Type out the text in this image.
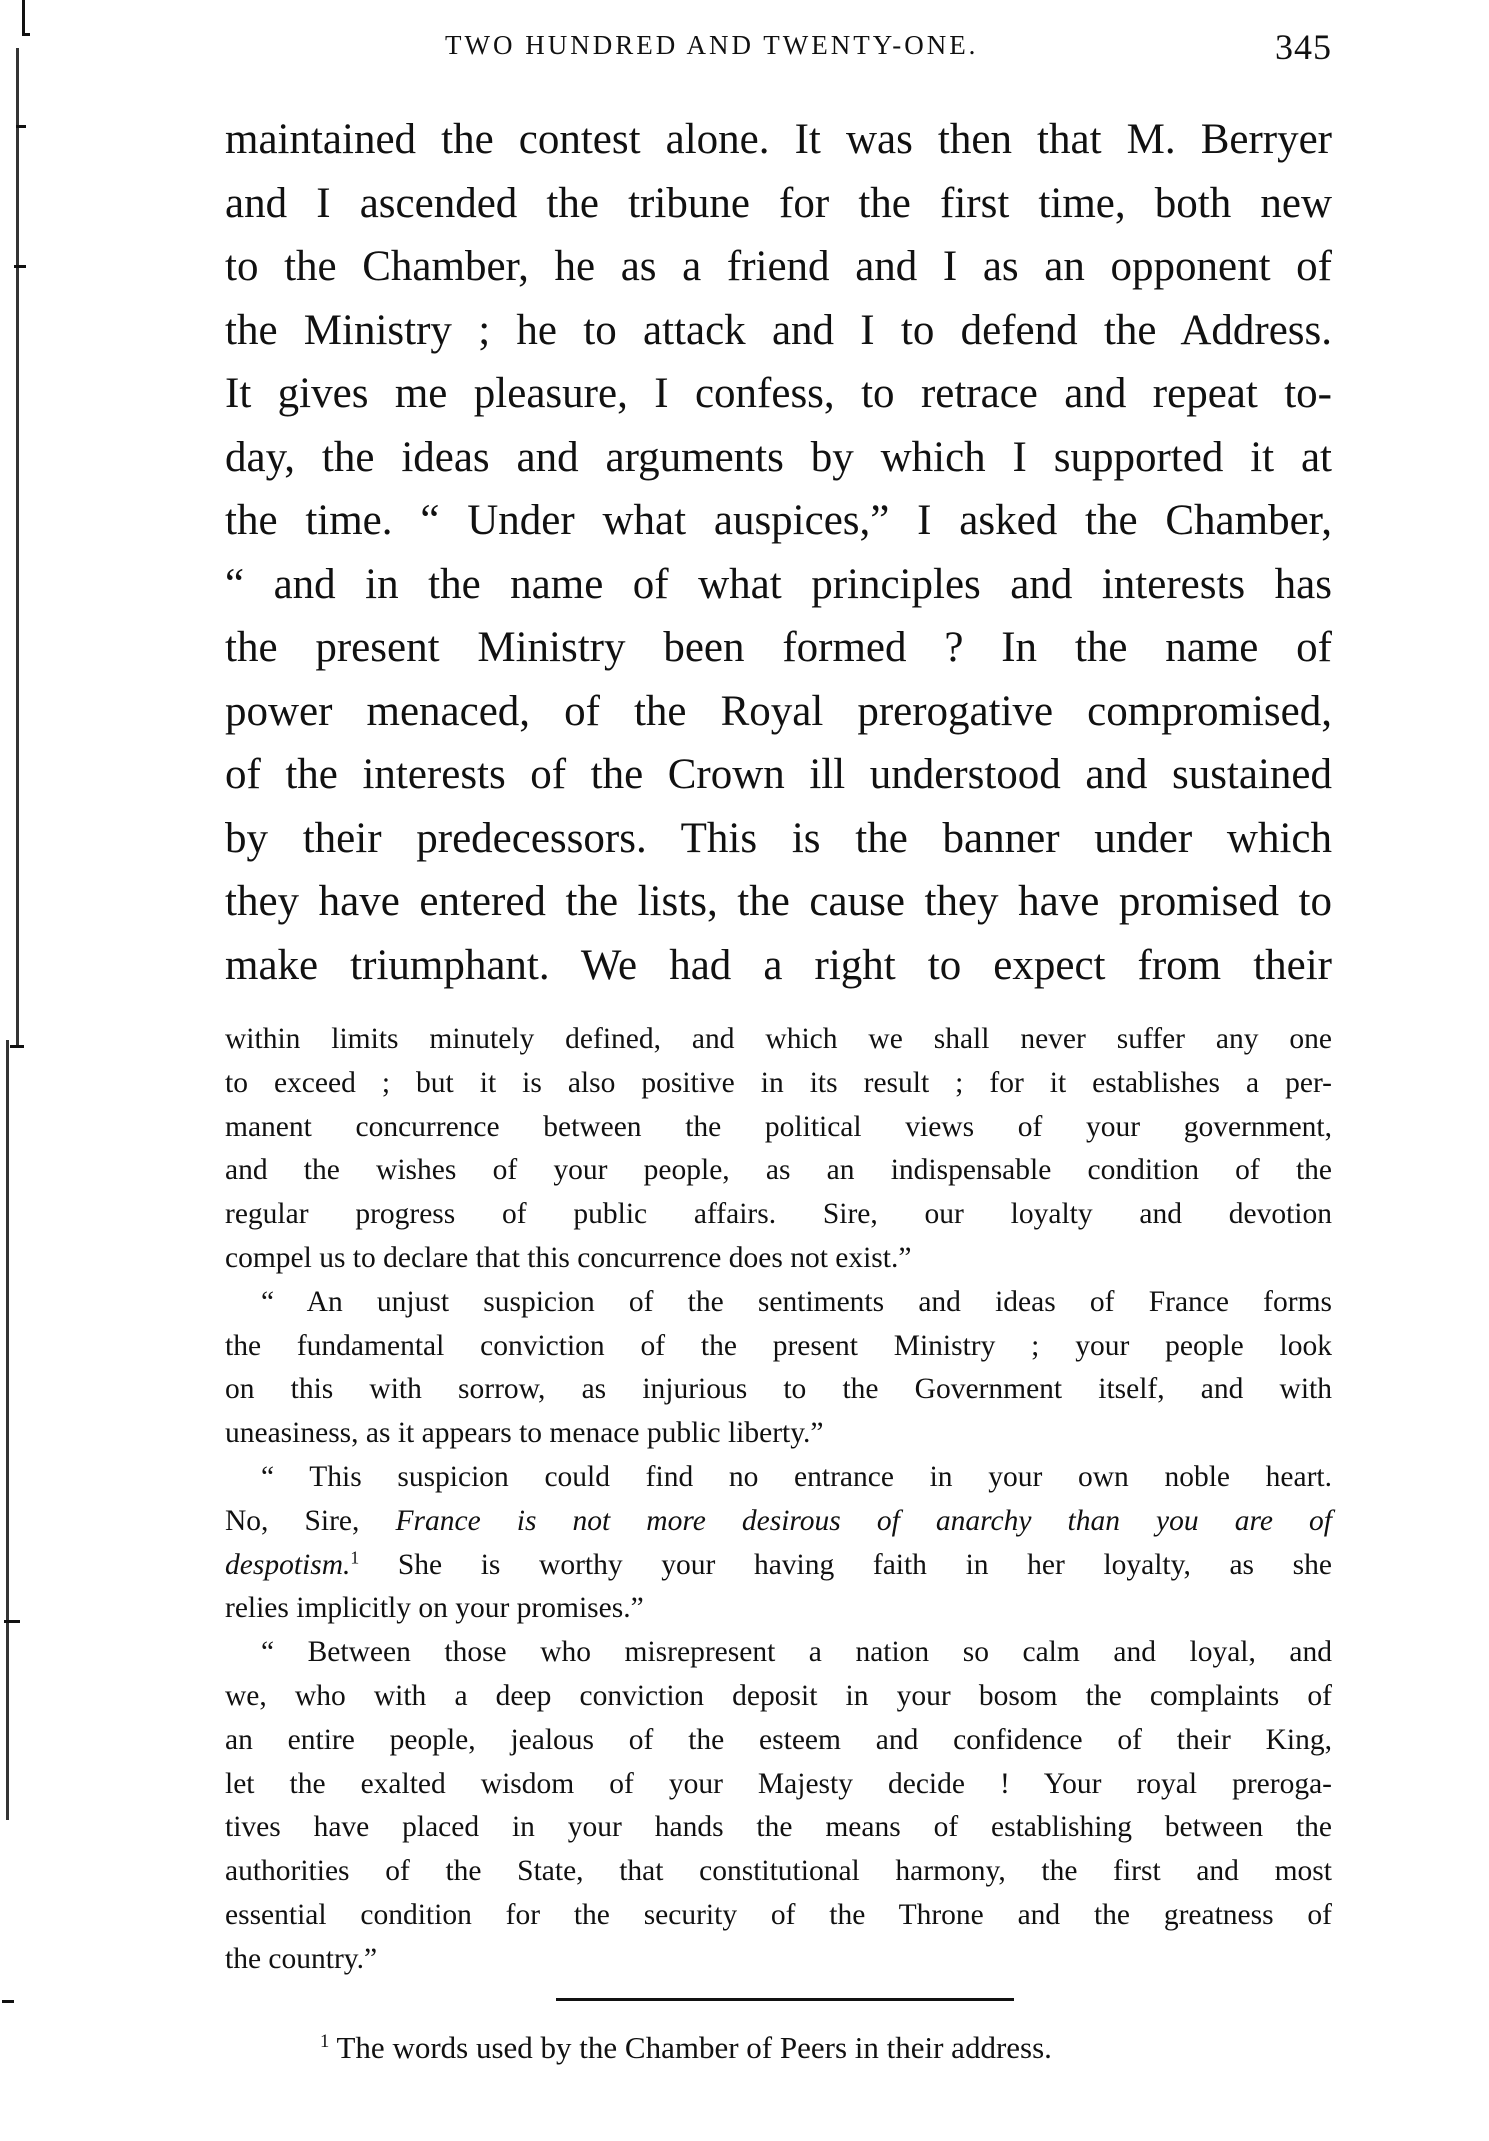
TWO HUNDRED AND TWENTY-ONE.	345
maintained the contest alone. It was then that M. Berryer
and I ascended the tribune for the first time, both new
to the Chamber, he as a friend and I as an opponent of
the Ministry ; he to attack and I to defend the Address.
It gives me pleasure, I confess, to retrace and repeat to-
day, the ideas and arguments by which I supported it at
the time. “ Under what auspices,” I asked the Chamber,
“ and in the name of what principles and interests has
the present Ministry been formed ? In the name of
power menaced, of the Royal prerogative compromised,
of the interests of the Crown ill understood and sustained
by their predecessors. This is the banner under which
they have entered the lists, the cause they have promised to
make triumphant. We had a right to expect from their
within limits minutely defined, and which we shall never suffer any one
to exceed ; but it is also positive in its result ; for it establishes a per-
manent concurrence between the political views of your government,
and the wishes of your people, as an indispensable condition of the
regular progress of public affairs. Sire, our loyalty and devotion
compel us to declare that this concurrence does not exist.”
“ An unjust suspicion of the sentiments and ideas of France forms
the fundamental conviction of the present Ministry ; your people look
on this with sorrow, as injurious to the Government itself, and with
uneasiness, as it appears to menace public liberty.”
“ This suspicion could find no entrance in your own noble heart.
No, Sire, France is not more desirous of anarchy than you are of
despotism.$^1$ She is worthy your having faith in her loyalty, as she
relies implicitly on your promises.”
“ Between those who misrepresent a nation so calm and loyal, and
we, who with a deep conviction deposit in your bosom the complaints of
an entire people, jealous of the esteem and confidence of their King,
let the exalted wisdom of your Majesty decide ! Your royal preroga-
tives have placed in your hands the means of establishing between the
authorities of the State, that constitutional harmony, the first and most
essential condition for the security of the Throne and the greatness of
the country.”
$^1$ The words used by the Chamber of Peers in their address.
